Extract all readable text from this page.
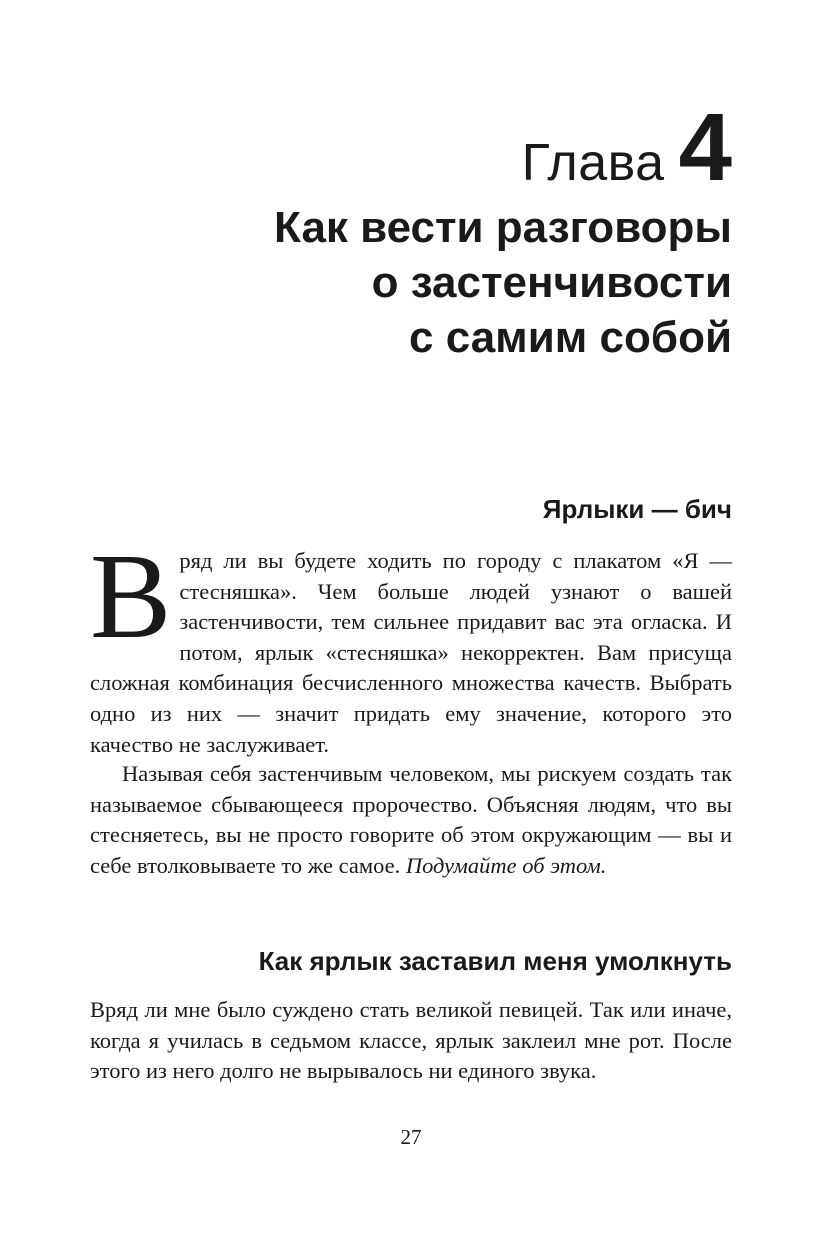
Глава 4
Как вести разговоры
о застенчивости
с самим собой
Ярлыки — бич

Вряд ли вы будете ходить по городу с плакатом «Я — стесняшка». Чем больше людей узнают о вашей застенчивости, тем сильнее придавит вас эта огласка. И потом, ярлык «стесняшка» некорректен. Вам присуща сложная комбинация бесчисленного множества качеств. Выбрать одно из них — значит придать ему значение, которого это качество не заслуживает.

Называя себя застенчивым человеком, мы рискуем создать так называемое сбывающееся пророчество. Объясняя людям, что вы стесняетесь, вы не просто говорите об этом окружающим — вы и себе втолковываете то же самое. Подумайте об этом.

Как ярлык заставил меня умолкнуть

Вряд ли мне было суждено стать великой певицей. Так или иначе, когда я училась в седьмом классе, ярлык заклеил мне рот. После этого из него долго не вырывалось ни единого звука.

27
